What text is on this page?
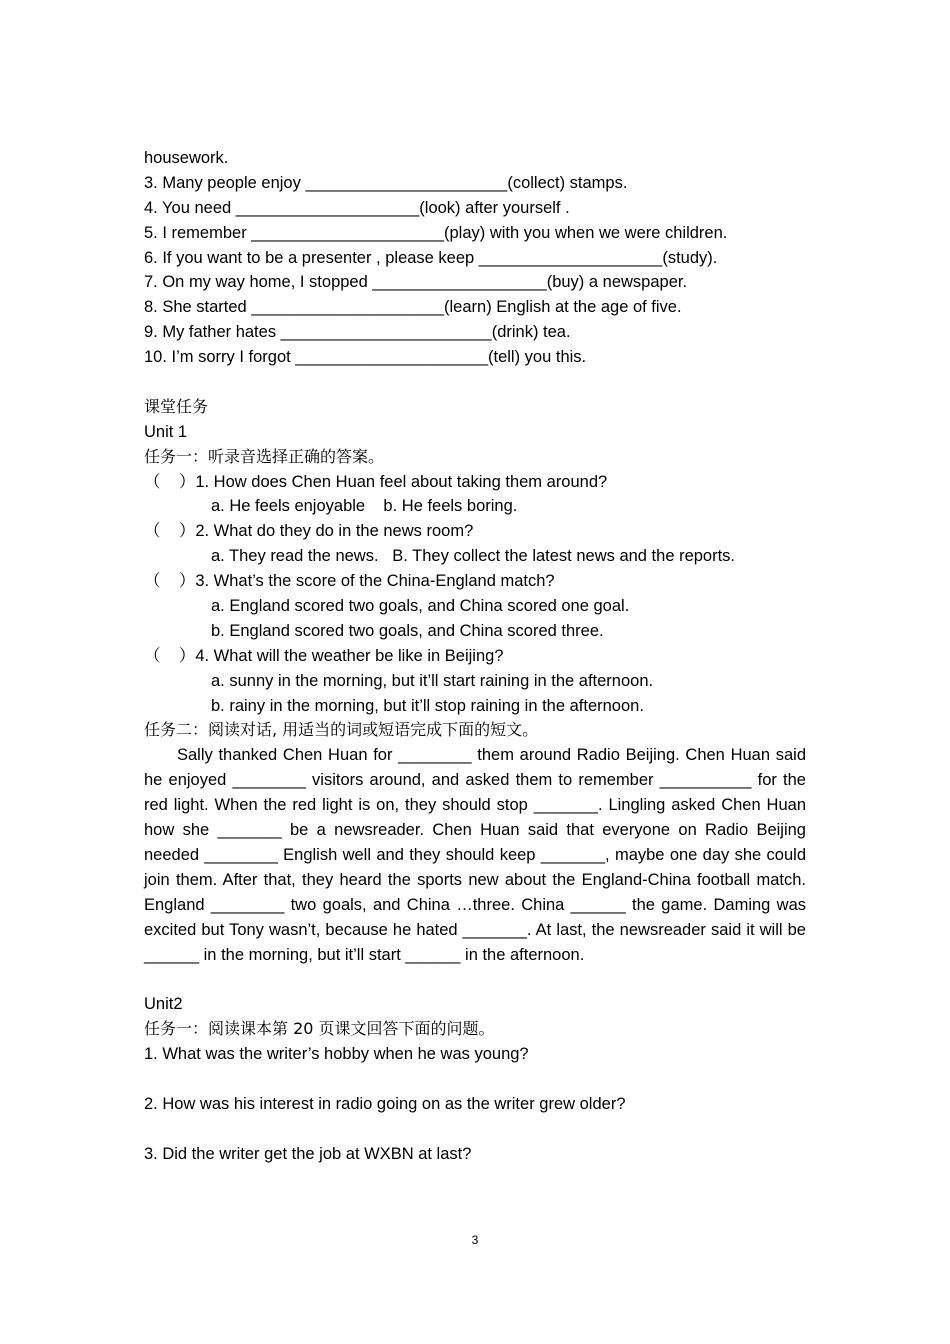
housework.
3. Many people enjoy ______________________(collect) stamps.
4. You need ____________________(look) after yourself .
5. I remember _____________________(play) with you when we were children.
6. If you want to be a presenter , please keep ____________________(study).
7. On my way home, I stopped ___________________(buy) a newspaper.
8. She started _____________________(learn) English at the age of five.
9. My father hates _______________________(drink) tea.
10. I’m sorry I forgot _____________________(tell) you this.
课堂任务
Unit 1
任务一：听录音选择正确的答案。
（    ）1. How does Chen Huan feel about taking them around?
a. He feels enjoyable    b. He feels boring.
（    ）2. What do they do in the news room?
a. They read the news.   B. They collect the latest news and the reports.
（    ）3. What’s the score of the China-England match?
a. England scored two goals, and China scored one goal.
b. England scored two goals, and China scored three.
（    ）4. What will the weather be like in Beijing?
a. sunny in the morning, but it’ll start raining in the afternoon.
b. rainy in the morning, but it’ll stop raining in the afternoon.
任务二：阅读对话, 用适当的词或短语完成下面的短文。
Sally thanked Chen Huan for ________ them around Radio Beijing. Chen Huan said he enjoyed ________ visitors around, and asked them to remember __________ for the red light. When the red light is on, they should stop _______. Lingling asked Chen Huan how she _______ be a newsreader. Chen Huan said that everyone on Radio Beijing needed ________ English well and they should keep _______, maybe one day she could join them. After that, they heard the sports new about the England-China football match. England ________ two goals, and China …three. China ______ the game. Daming was excited but Tony wasn’t, because he hated _______. At last, the newsreader said it will be ______ in the morning, but it’ll start ______ in the afternoon.
Unit2
任务一：阅读课本第 20 页课文回答下面的问题。
1. What was the writer’s hobby when he was young?
2. How was his interest in radio going on as the writer grew older?
3. Did the writer get the job at WXBN at last?
3
